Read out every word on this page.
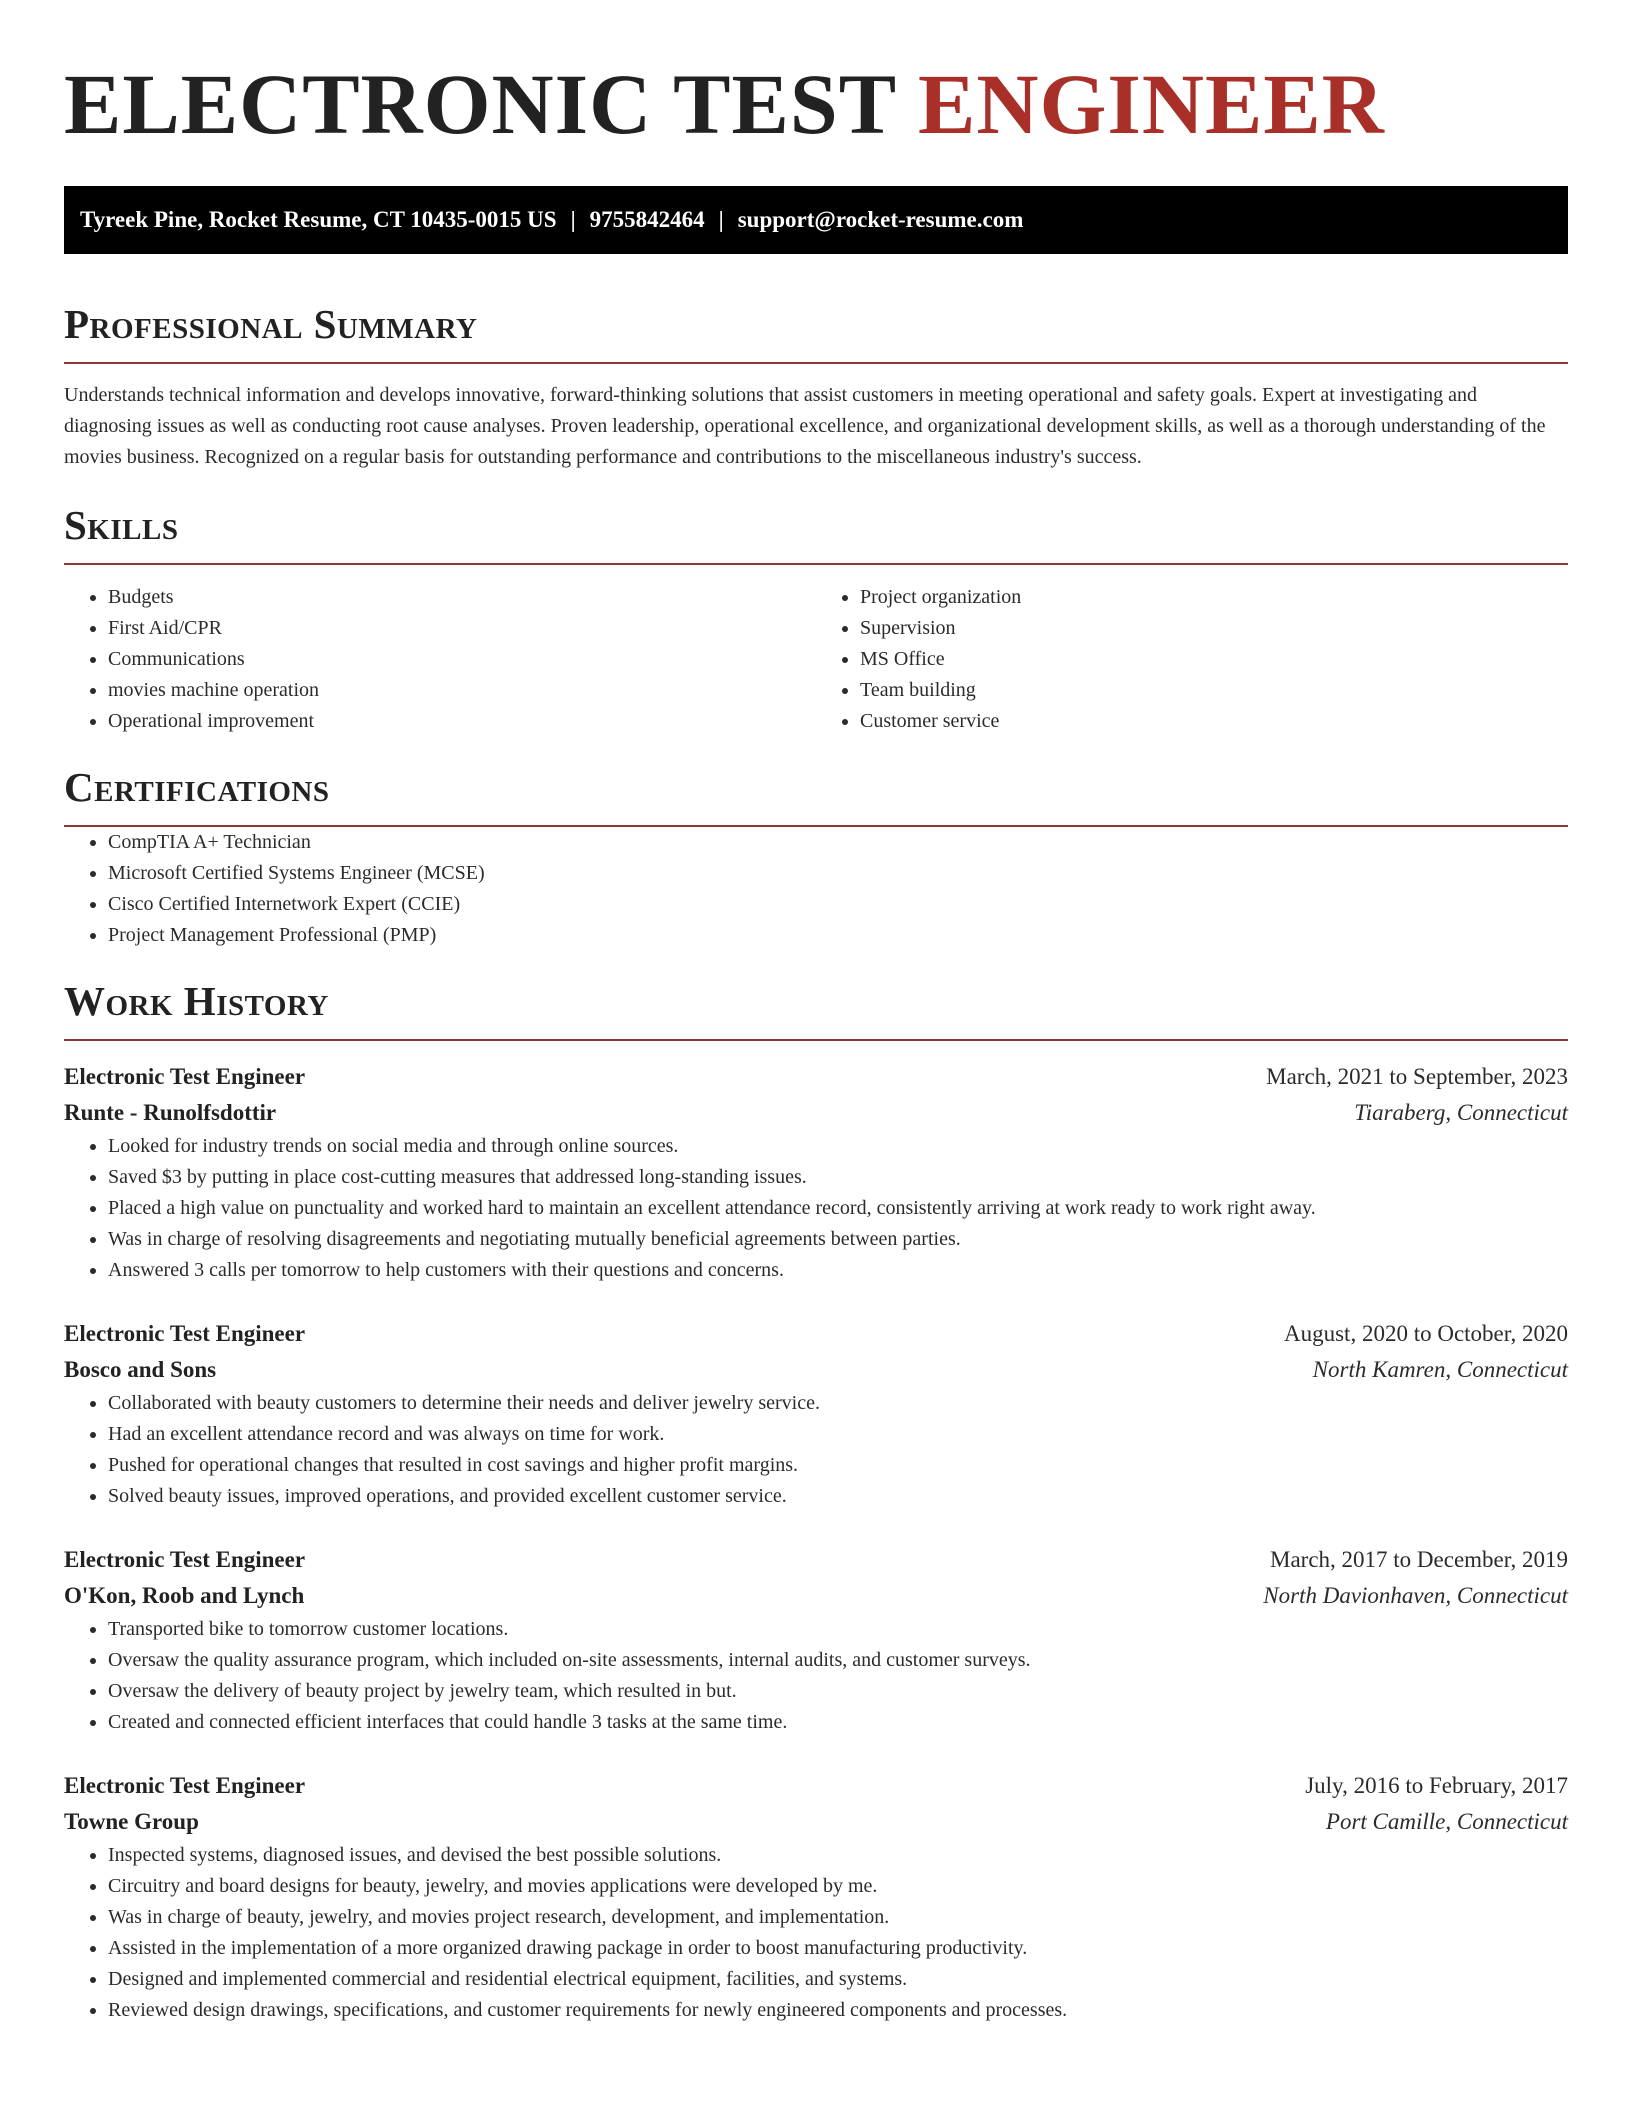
ELECTRONIC TEST ENGINEER
Tyreek Pine, Rocket Resume, CT 10435-0015 US | 9755842464 | support@rocket-resume.com
Professional Summary

Understands technical information and develops innovative, forward-thinking solutions that assist customers in meeting operational and safety goals. Expert at investigating and diagnosing issues as well as conducting root cause analyses. Proven leadership, operational excellence, and organizational development skills, as well as a thorough understanding of the movies business. Recognized on a regular basis for outstanding performance and contributions to the miscellaneous industry's success.

Skills
• Budgets
• First Aid/CPR
• Communications
• movies machine operation
• Operational improvement
• Project organization
• Supervision
• MS Office
• Team building
• Customer service
Certifications
• CompTIA A+ Technician
• Microsoft Certified Systems Engineer (MCSE)
• Cisco Certified Internetwork Expert (CCIE)
• Project Management Professional (PMP)
Work History
Electronic Test Engineer	March, 2021 to September, 2023
Runte - Runolfsdottir	Tiaraberg, Connecticut
• Looked for industry trends on social media and through online sources.
• Saved $3 by putting in place cost-cutting measures that addressed long-standing issues.
• Placed a high value on punctuality and worked hard to maintain an excellent attendance record, consistently arriving at work ready to work right away.
• Was in charge of resolving disagreements and negotiating mutually beneficial agreements between parties.
• Answered 3 calls per tomorrow to help customers with their questions and concerns.
Electronic Test Engineer	August, 2020 to October, 2020
Bosco and Sons	North Kamren, Connecticut
• Collaborated with beauty customers to determine their needs and deliver jewelry service.
• Had an excellent attendance record and was always on time for work.
• Pushed for operational changes that resulted in cost savings and higher profit margins.
• Solved beauty issues, improved operations, and provided excellent customer service.
Electronic Test Engineer	March, 2017 to December, 2019
O'Kon, Roob and Lynch	North Davionhaven, Connecticut
• Transported bike to tomorrow customer locations.
• Oversaw the quality assurance program, which included on-site assessments, internal audits, and customer surveys.
• Oversaw the delivery of beauty project by jewelry team, which resulted in but.
• Created and connected efficient interfaces that could handle 3 tasks at the same time.
Electronic Test Engineer	July, 2016 to February, 2017
Towne Group	Port Camille, Connecticut
• Inspected systems, diagnosed issues, and devised the best possible solutions.
• Circuitry and board designs for beauty, jewelry, and movies applications were developed by me.
• Was in charge of beauty, jewelry, and movies project research, development, and implementation.
• Assisted in the implementation of a more organized drawing package in order to boost manufacturing productivity.
• Designed and implemented commercial and residential electrical equipment, facilities, and systems.
• Reviewed design drawings, specifications, and customer requirements for newly engineered components and processes.
